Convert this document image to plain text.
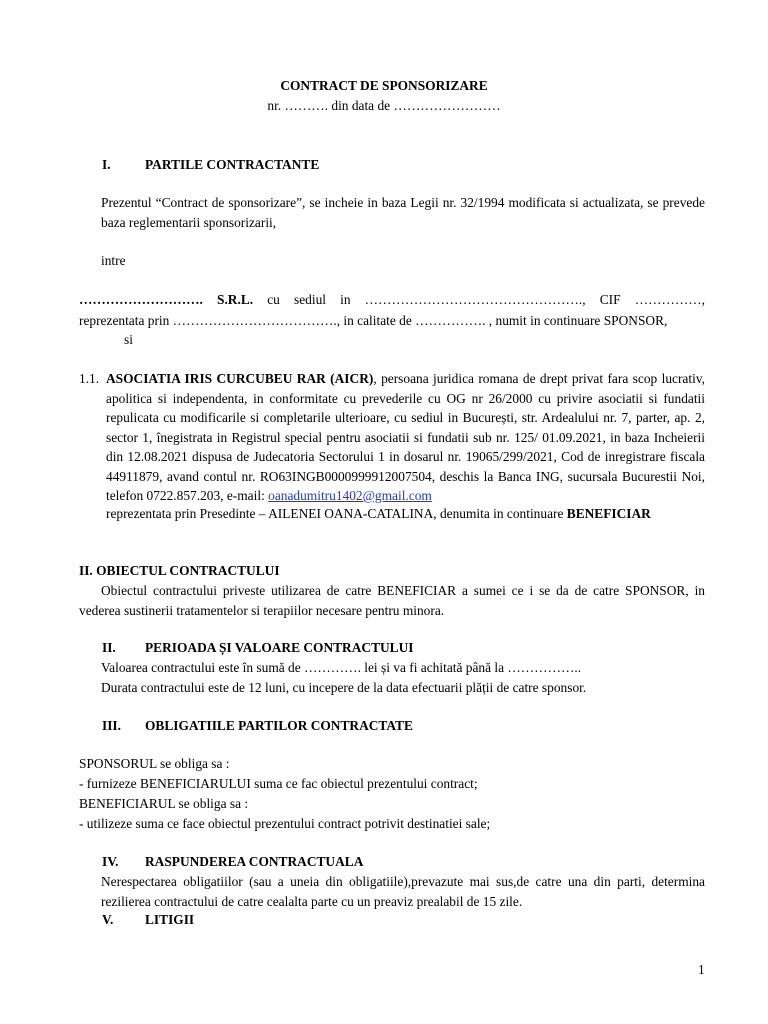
CONTRACT DE SPONSORIZARE
nr. ………. din data de ……………………
I.	PARTILE CONTRACTANTE

Prezentul “Contract de sponsorizare”, se incheie in baza Legii nr. 32/1994 modificata si actualizata, se prevede baza reglementarii sponsorizarii,

intre
………………………. S.R.L. cu sediul in …………………………………………., CIF ……………,
reprezentata prin ………………………………., in calitate de ……………. , numit in continuare SPONSOR,
si
1.1. ASOCIATIA IRIS CURCUBEU RAR (AICR), persoana juridica romana de drept privat fara scop lucrativ, apolitica si independenta, in conformitate cu prevederile cu OG nr 26/2000 cu privire asociatii si fundatii repulicata cu modificarile si completarile ulterioare, cu sediul in București, str. Ardealului nr. 7, parter, ap. 2, sector 1, înegistrata in Registrul special pentru asociatii si fundatii sub nr. 125/ 01.09.2021, in baza Incheierii din 12.08.2021 dispusa de Judecatoria Sectorului 1 in dosarul nr. 19065/299/2021, Cod de inregistrare fiscala 44911879, avand contul nr. RO63INGB0000999912007504, deschis la Banca ING, sucursala Bucurestii Noi, telefon 0722.857.203, e-mail: oanadumitru1402@gmail.com

reprezentata prin Presedinte – AILENEI OANA-CATALINA, denumita in continuare BENEFICIAR
II. OBIECTUL CONTRACTULUI

Obiectul contractului priveste utilizarea de catre BENEFICIAR a sumei ce i se da de catre SPONSOR, in vederea sustinerii tratamentelor si terapiilor necesare pentru minora.

II. PERIOADA ȘI VALOARE CONTRACTULUI
Valoarea contractului este în sumă de …………. lei și va fi achitată până la ……………..
Durata contractului este de 12 luni, cu incepere de la data efectuarii plății de catre sponsor.
III. OBLIGATIILE PARTILOR CONTRACTATE
SPONSORUL se obliga sa :
- furnizeze BENEFICIARULUI suma ce fac obiectul prezentului contract;
BENEFICIARUL se obliga sa :
- utilizeze suma ce face obiectul prezentului contract potrivit destinatiei sale;
IV. RASPUNDEREA CONTRACTUALA

Nerespectarea obligatiilor (sau a uneia din obligatiile),prevazute mai sus,de catre una din parti, determina rezilierea contractului de catre cealalta parte cu un preaviz prealabil de 15 zile.

V. LITIGII
1
